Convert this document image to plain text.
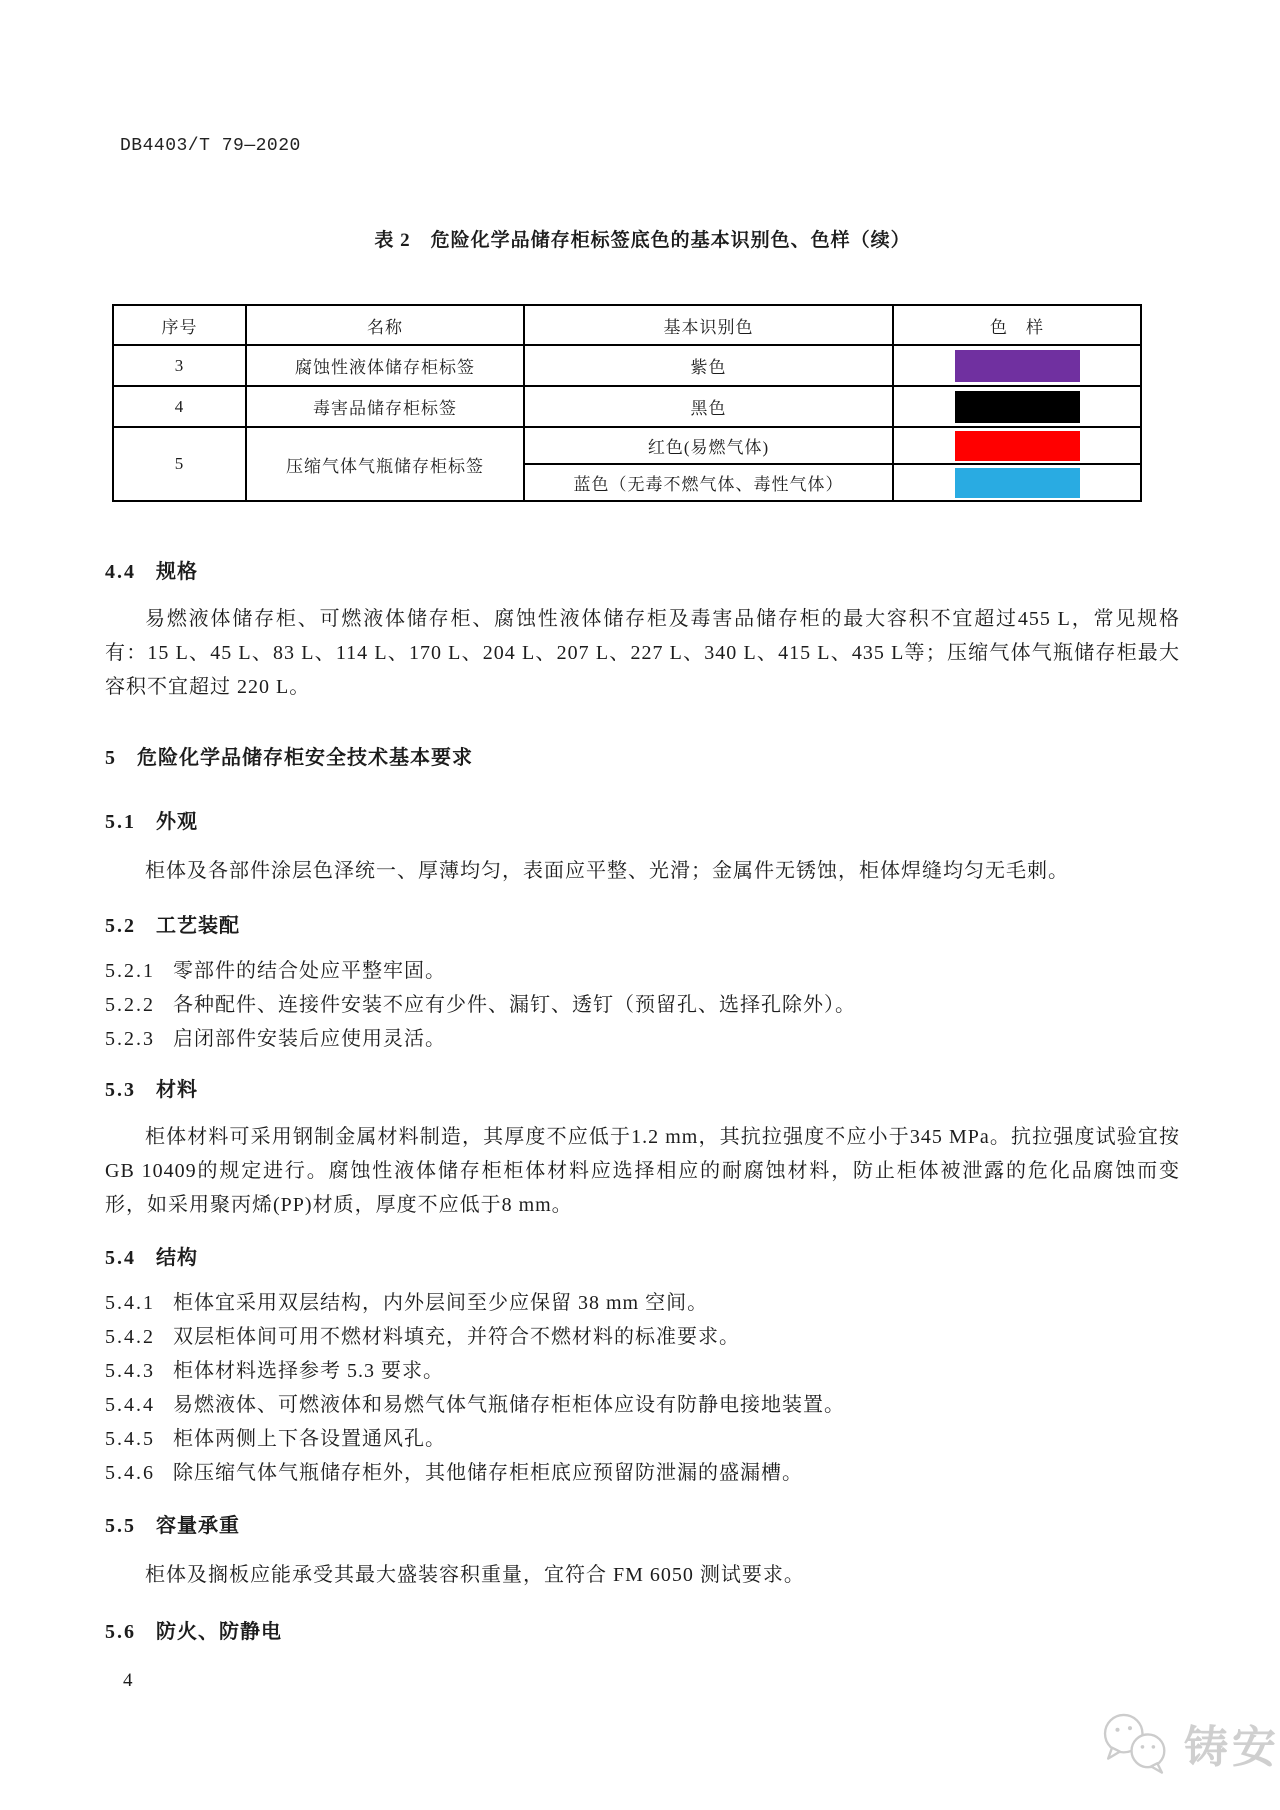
DB4403/T 79—2020
表 2　危险化学品储存柜标签底色的基本识别色、色样（续）
序号	名称	基本识别色	色　样
3	腐蚀性液体储存柜标签	紫色	

4	毒害品储存柜标签	黑色	

5	压缩气体气瓶储存柜标签	红色(易燃气体)	

		蓝色（无毒不燃气体、毒性气体）	
4.4 规格
易燃液体储存柜、可燃液体储存柜、腐蚀性液体储存柜及毒害品储存柜的最大容积不宜超过455 L，常见规格有：15 L、45 L、83 L、114 L、170 L、204 L、207 L、227 L、340 L、415 L、435 L等；压缩气体气瓶储存柜最大容积不宜超过 220 L。
5 危险化学品储存柜安全技术基本要求
5.1 外观
柜体及各部件涂层色泽统一、厚薄均匀，表面应平整、光滑；金属件无锈蚀，柜体焊缝均匀无毛刺。
5.2 工艺装配
5.2.1 零部件的结合处应平整牢固。
5.2.2 各种配件、连接件安装不应有少件、漏钉、透钉（预留孔、选择孔除外）。
5.2.3 启闭部件安装后应使用灵活。
5.3 材料
柜体材料可采用钢制金属材料制造，其厚度不应低于1.2 mm，其抗拉强度不应小于345 MPa。抗拉强度试验宜按GB 10409的规定进行。腐蚀性液体储存柜柜体材料应选择相应的耐腐蚀材料，防止柜体被泄露的危化品腐蚀而变形，如采用聚丙烯(PP)材质，厚度不应低于8 mm。
5.4 结构
5.4.1 柜体宜采用双层结构，内外层间至少应保留 38 mm 空间。
5.4.2 双层柜体间可用不燃材料填充，并符合不燃材料的标准要求。
5.4.3 柜体材料选择参考 5.3 要求。
5.4.4 易燃液体、可燃液体和易燃气体气瓶储存柜柜体应设有防静电接地装置。
5.4.5 柜体两侧上下各设置通风孔。
5.4.6 除压缩气体气瓶储存柜外，其他储存柜柜底应预留防泄漏的盛漏槽。
5.5 容量承重
柜体及搁板应能承受其最大盛装容积重量，宜符合 FM 6050 测试要求。
5.6 防火、防静电
4
铸安
